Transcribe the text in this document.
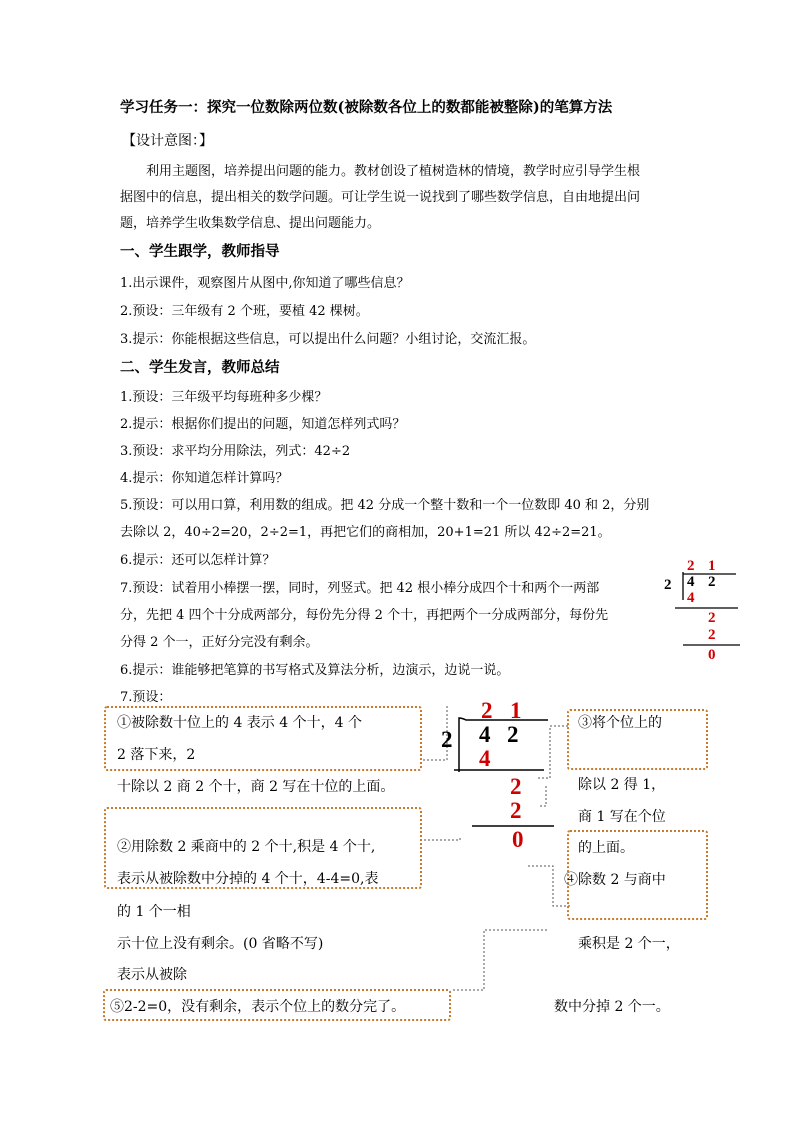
学习任务一：探究一位数除两位数(被除数各位上的数都能被整除)的笔算方法
【设计意图：】
利用主题图，培养提出问题的能力。教材创设了植树造林的情境，教学时应引导学生根
据图中的信息，提出相关的数学问题。可让学生说一说找到了哪些数学信息，自由地提出问
题，培养学生收集数学信息、提出问题能力。
一、学生跟学，教师指导
1.出示课件，观察图片从图中,你知道了哪些信息？
2.预设：三年级有 2 个班，要植 42 棵树。
3.提示：你能根据这些信息，可以提出什么问题？小组讨论，交流汇报。
二、学生发言，教师总结
1.预设：三年级平均每班种多少棵？
2.提示：根据你们提出的问题，知道怎样列式吗？
3.预设：求平均分用除法，列式：42÷2
4.提示：你知道怎样计算吗？
5.预设：可以用口算，利用数的组成。把 42 分成一个整十数和一个一位数即 40 和 2，分别
去除以 2，40÷2=20，2÷2=1，再把它们的商相加，20+1=21 所以 42÷2=21。
6.提示：还可以怎样计算？
7.预设：试着用小棒摆一摆，同时，列竖式。把 42 根小棒分成四个十和两个一两部
分，先把 4 四个十分成两部分，每份先分得 2 个十，再把两个一分成两部分，每份先
分得 2 个一，正好分完没有剩余。
6.提示：谁能够把笔算的书写格式及算法分析，边演示，边说一说。
7.预设：
2 1
2 4 2
4
2
2
0
2 1
2 4 2
4
2
2
0
①被除数十位上的 4 表示 4 个十，4 个
2 落下来，2
十除以 2 商 2 个十，商 2 写在十位的上面。
②用除数 2 乘商中的 2 个十,积是 4 个十,
表示从被除数中分掉的 4 个十，4-4=0,表
的 1 个一相
示十位上没有剩余。(0 省略不写)
表示从被除
③将个位上的
除以 2 得 1，
商 1 写在个位
的上面。
④除数 2 与商中
乘积是 2 个一，
数中分掉 2 个一。
⑤2-2=0，没有剩余，表示个位上的数分完了。
